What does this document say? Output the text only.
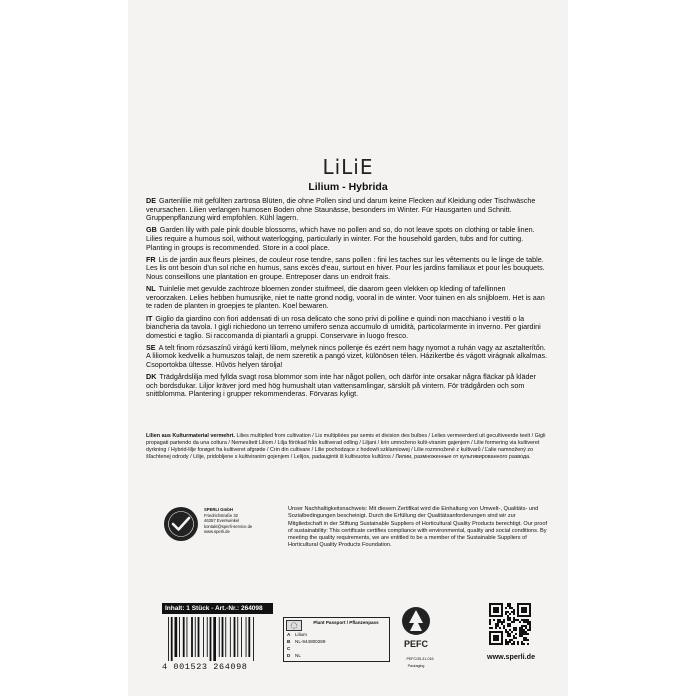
LiLiE
Lilium - Hybrida

DE Gartenlilie mit gefüllten zartrosa Blüten, die ohne Pollen sind und darum keine Flecken auf Kleidung oder Tischwäsche verursachen. Lilien verlangen humosen Boden ohne Staunässe, besonders im Winter. Für Hausgarten und Schnitt. Gruppenpflanzung wird empfohlen. Kühl lagern.

GB Garden lily with pale pink double blossoms, which have no pollen and so, do not leave spots on clothing or table linen. Lilies require a humous soil, without waterlogging, particularly in winter. For the household garden, tubs and for cutting. Planting in groups is recommended. Store in a cool place.

FR Lis de jardin aux fleurs pleines, de couleur rose tendre, sans pollen : fini les taches sur les vêtements ou le linge de table. Les lis ont besoin d'un sol riche en humus, sans excès d'eau, surtout en hiver. Pour les jardins familiaux et pour les bouquets. Nous conseillons une plantation en groupe. Entreposer dans un endroit frais.

NL Tuinlelie met gevulde zachtroze bloemen zonder stuifmeel, die daarom geen vlekken op kleding of tafellinnen veroorzaken. Lelies hebben humusrijke, niet te natte grond nodig, vooral in de winter. Voor tuinen en als snijbloem. Het is aan te raden de planten in groepjes te planten. Koel bewaren.

IT Giglio da giardino con fiori addensati di un rosa delicato che sono privi di polline e quindi non macchiano i vestiti o la biancheria da tavola. I gigli richiedono un terreno umifero senza accumulo di umidità, particolarmente in inverno. Per giardini domestici e taglio. Si raccomanda di piantarli a gruppi. Conservare in luogo fresco.

SE A telt finom rózsaszínű virágú kerti liliom, melynek nincs pollenje és ezért nem hagy nyomot a ruhán vagy az asztalterítőn. A liliomok kedvelik a humuszos talajt, de nem szeretik a pangó vizet, különösen télen. Házikertbe és vágott virágnak alkalmas. Csoportokba ültesse. Hűvös helyen tárolja!

DK Trädgårdslilja med fyllda svagt rosa blommor som inte har något pollen, och därför inte orsakar några fläckar på kläder och bordsdukar. Liljor kräver jord med hög humushalt utan vattensamlingar, särskilt på vintern. För trädgården och som snittblomma. Plantering i grupper rekommenderas. Förvaras kyligt.

Lilien aus Kulturmaterial vermehrt. Lilies multiplied from cultivation / Lis multipliées par semis et division des bulbes / Lelies vermeerderd uit gecultiveerde teelt / Gigli propagati partendo da una coltura / Nemesített Liliom / Lilja förökad från kultiverad odling / Liljani / krin umnoženo kulti-viranim gajenjem / Lilie formering via kultiveret dyrkning / Hybrid-lilje forøget fra kultiveret afgrøde / Crin din cultivare / Lilie pochodzące z hodowli szklarniowej / Lilie rozmnožené z kultivarů / Ľalie namnožený zo šľachtenej odrody / Lilije, pridobljene s kultiviranim gojenjem / Lelijos, padaugintii iš kultivuotos kultūros / Лилии, размноженные от культивированного развода.
SPERLI GmbH
Friedrichstraße 32
46357 Everswinkel
kontakt@sperli-service.de
www.sperli.de
Unser Nachhaltigkeitsnachweis: Mit diesem Zertifikat wird die Einhaltung von Umwelt-, Qualitäts- und Sozialbedingungen bescheinigt. Durch die Erfüllung der Qualitätsanforderungen sind wir zur Mitgliedschaft in der Stiftung Sustainable Suppliers of Horticultural Quality Products berechtigt. Our proof of sustainability: This certificate certifies compliance with environmental, quality and social conditions. By meeting the quality requirements, we are entitled to be a member of the Sustainable Suppliers of Horticultural Quality Products Foundation.
Inhalt: 1 Stück - Art.-Nr.: 264098
4 001523 264098
Plant Passport / Pflanzenpass
A Lilium
B NL-944800289
C
D NL
PEFC
PEFC/35-31-016
Packaging
www.sperli.de
